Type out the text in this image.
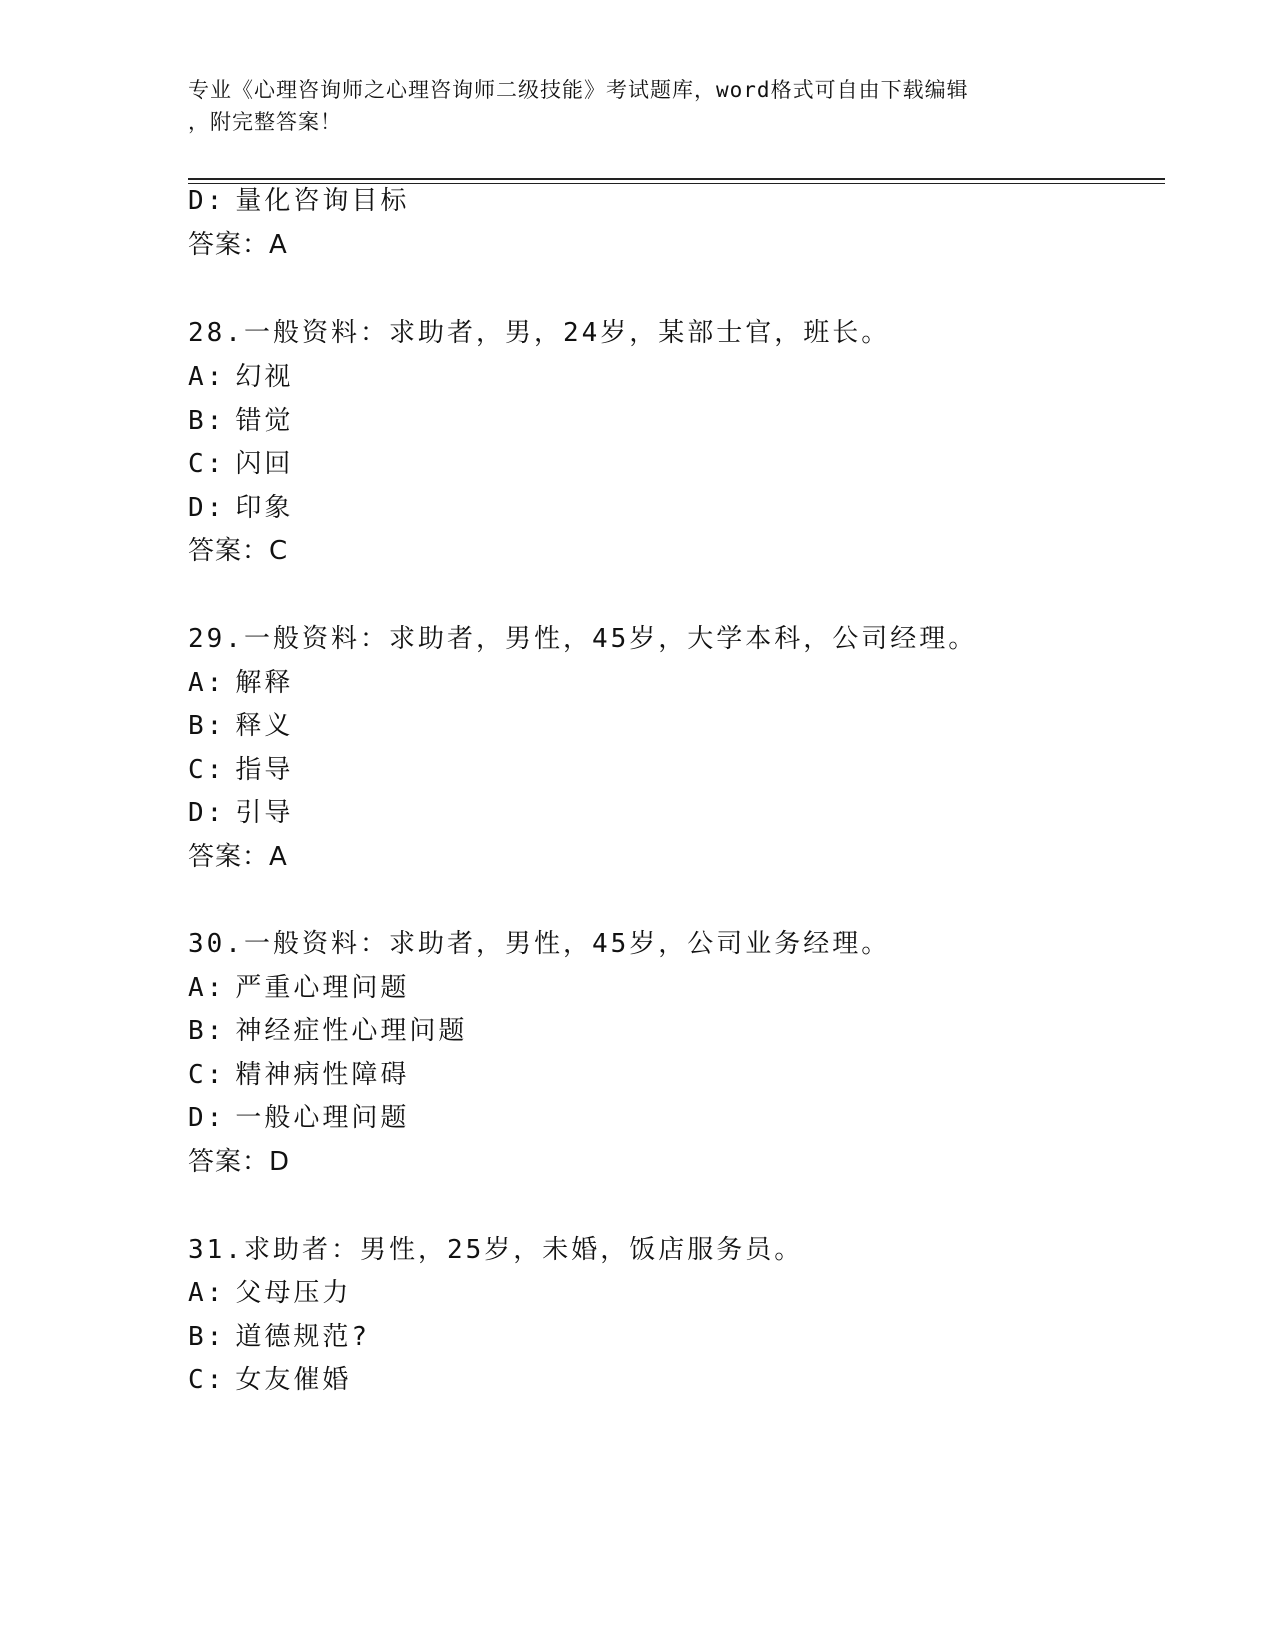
专业《心理咨询师之心理咨询师二级技能》考试题库，word格式可自由下载编辑
，附完整答案！
D: 量化咨询目标
答案：A
28.一般资料：求助者，男，24岁，某部士官，班长。
A: 幻视
B: 错觉
C: 闪回
D: 印象
答案：C
29.一般资料：求助者，男性，45岁，大学本科，公司经理。
A: 解释
B: 释义
C: 指导
D: 引导
答案：A
30.一般资料：求助者，男性，45岁，公司业务经理。
A: 严重心理问题
B: 神经症性心理问题
C: 精神病性障碍
D: 一般心理问题
答案：D
31.求助者：男性，25岁，未婚，饭店服务员。
A: 父母压力
B: 道德规范?
C: 女友催婚
